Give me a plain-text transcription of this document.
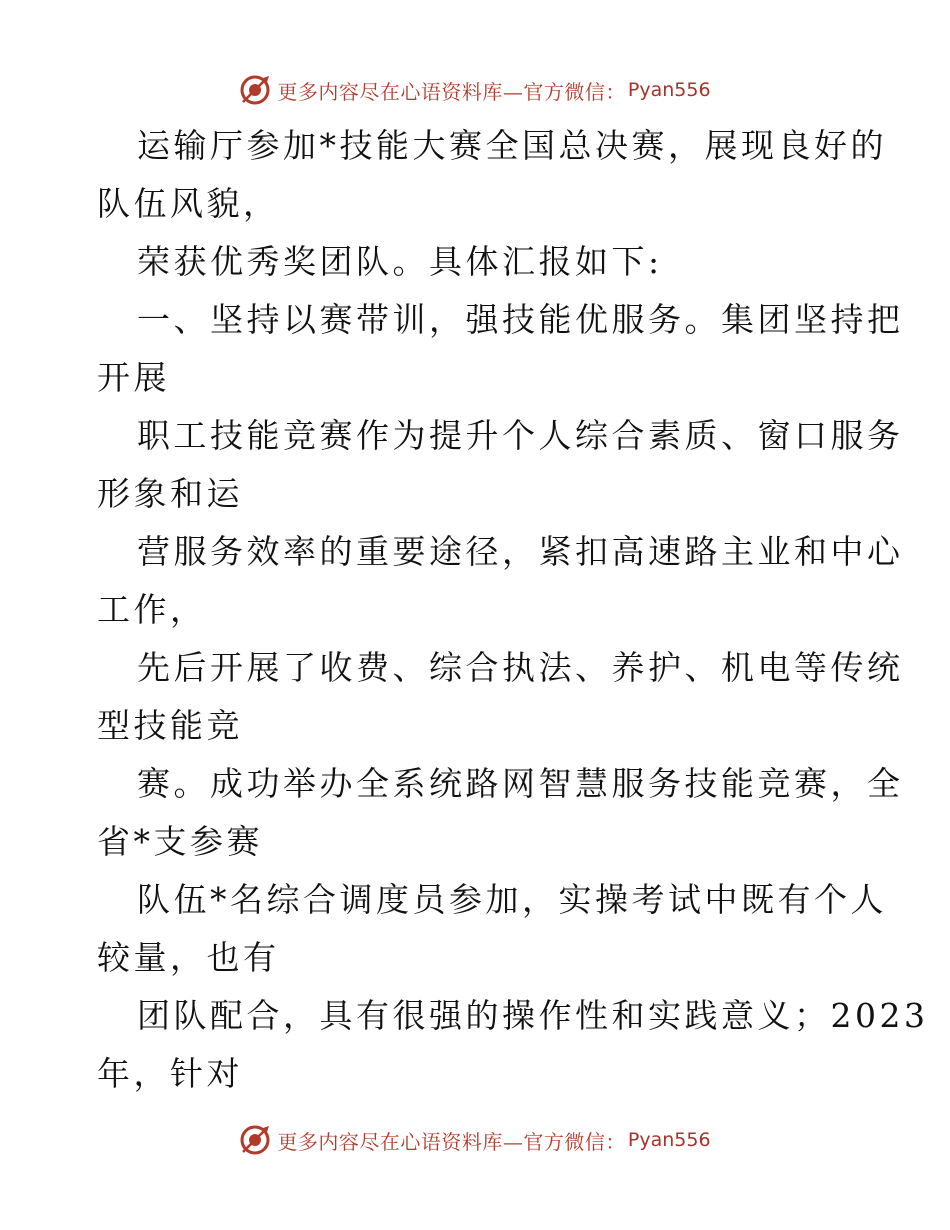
更多内容尽在心语资料库—官方微信： Pyan556
运输厅参加*技能大赛全国总决赛，展现良好的
队伍风貌，
荣获优秀奖团队。具体汇报如下:
一、坚持以赛带训，强技能优服务。集团坚持把
开展
职工技能竞赛作为提升个人综合素质、窗口服务
形象和运
营服务效率的重要途径，紧扣高速路主业和中心
工作，
先后开展了收费、综合执法、养护、机电等传统
型技能竞
赛。成功举办全系统路网智慧服务技能竞赛，全
省*支参赛
队伍*名综合调度员参加，实操考试中既有个人
较量，也有
团队配合，具有很强的操作性和实践意义；2023
年，针对
更多内容尽在心语资料库—官方微信： Pyan556
